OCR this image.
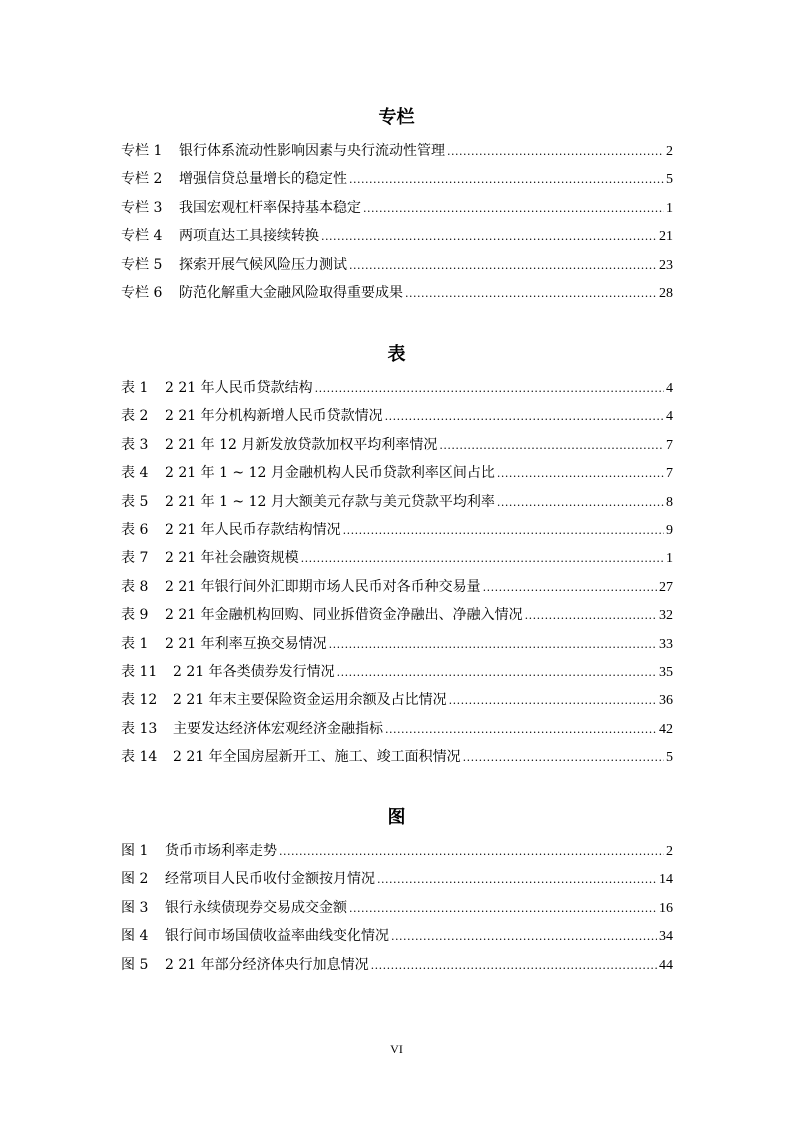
专栏
专栏 1	银行体系流动性影响因素与央行流动性管理 .....	2
专栏 2	增强信贷总量增长的稳定性 .....	5
专栏 3	我国宏观杠杆率保持基本稳定 .....	1
专栏 4	两项直达工具接续转换 .....	21
专栏 5	探索开展气候风险压力测试 .....	23
专栏 6	防范化解重大金融风险取得重要成果 .....	28
表
表 1	2 21 年人民币贷款结构 .....	4
表 2	2 21 年分机构新增人民币贷款情况 .....	4
表 3	2 21 年 12 月新发放贷款加权平均利率情况 .....	7
表 4	2 21 年 1 ~ 12 月金融机构人民币贷款利率区间占比 .....	7
表 5	2 21 年 1 ~ 12 月大额美元存款与美元贷款平均利率 .....	8
表 6	2 21 年人民币存款结构情况 .....	9
表 7	2 21 年社会融资规模 .....	1
表 8	2 21 年银行间外汇即期市场人民币对各币种交易量 .....	27
表 9	2 21 年金融机构回购、同业拆借资金净融出、净融入情况 .....	32
表 1	2 21 年利率互换交易情况 .....	33
表 11	2 21 年各类债券发行情况 .....	35
表 12	2 21 年末主要保险资金运用余额及占比情况 .....	36
表 13	主要发达经济体宏观经济金融指标 .....	42
表 14	2 21 年全国房屋新开工、施工、竣工面积情况 .....	5
图
图 1	货币市场利率走势 .....	2
图 2	经常项目人民币收付金额按月情况 .....	14
图 3	银行永续债现券交易成交金额 .....	16
图 4	银行间市场国债收益率曲线变化情况 .....	34
图 5	2 21 年部分经济体央行加息情况 .....	44
VI
